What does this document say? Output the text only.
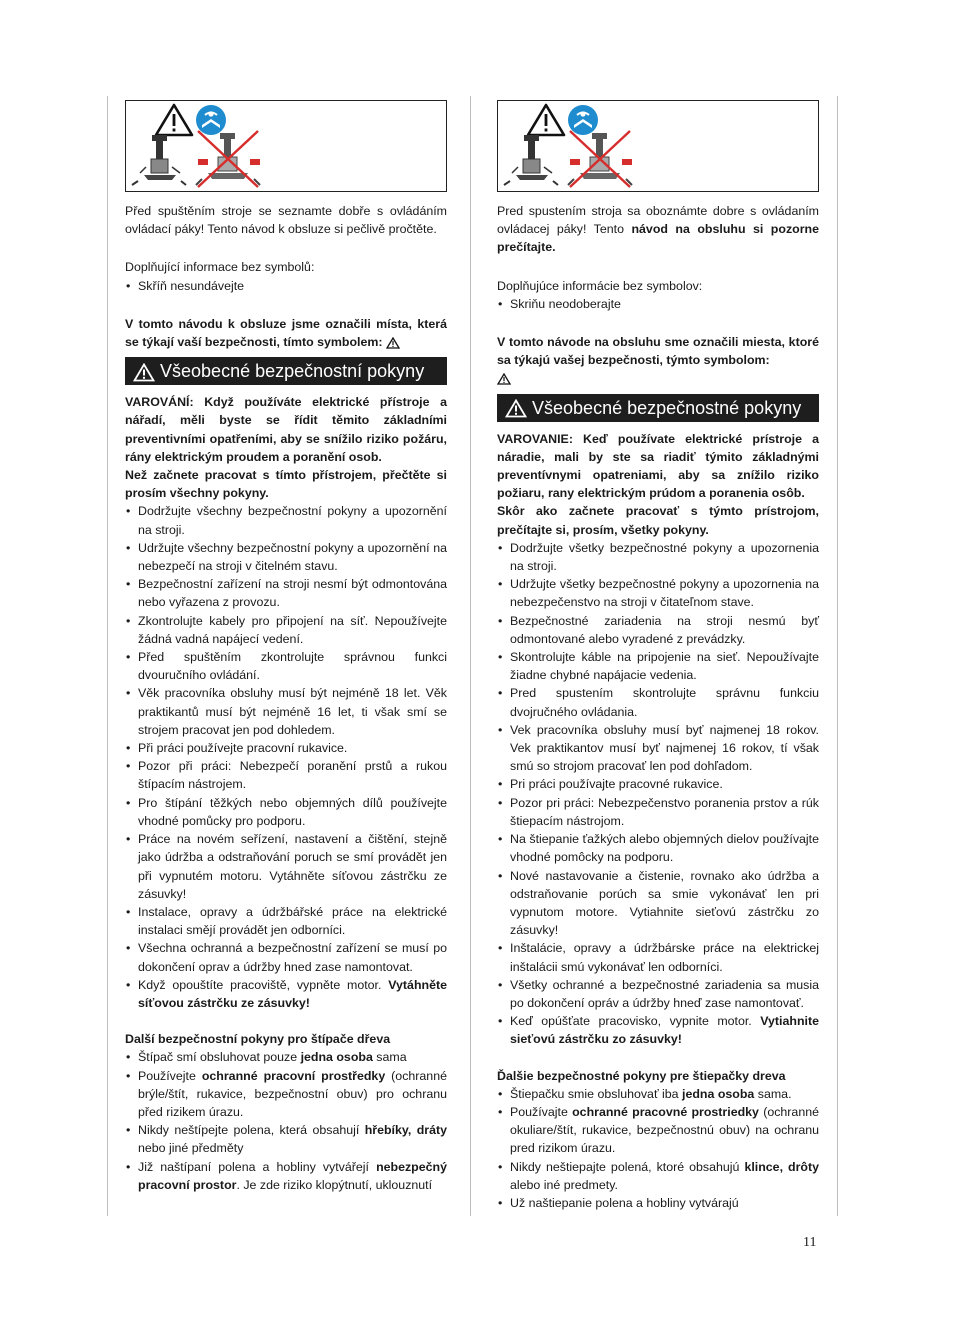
Před spuštěním stroje se seznamte dobře s ovládáním ovládací páky! Tento návod k obsluze si pečlivě pročtěte.

Doplňující informace bez symbolů:

• Skříň nesundávejte

V tomto návodu k obsluze jsme označili místa, která se týkají vaší bezpečnosti, tímto symbolem:

Všeobecné bezpečnostní pokyny

VAROVÁNÍ: Když používáte elektrické přístroje a nářadí, měli byste se řídit těmito základními preventivními opatřeními, aby se snížilo riziko požáru, rány elektrickým proudem a poranění osob.

Než začnete pracovat s tímto přístrojem, přečtěte si prosím všechny pokyny.

• Dodržujte všechny bezpečnostní pokyny a upozornění na stroji.
• Udržujte všechny bezpečnostní pokyny a upozornění na nebezpečí na stroji v čitelném stavu.
• Bezpečnostní zařízení na stroji nesmí být odmontována nebo vyřazena z provozu.
• Zkontrolujte kabely pro připojení na síť. Nepoužívejte žádná vadná napájecí vedení.
• Před spuštěním zkontrolujte správnou funkci dvouručního ovládání.
• Věk pracovníka obsluhy musí být nejméně 18 let. Věk praktikantů musí být nejméně 16 let, ti však smí se strojem pracovat jen pod dohledem.
• Při práci používejte pracovní rukavice.
• Pozor při práci: Nebezpečí poranění prstů a rukou štípacím nástrojem.
• Pro štípání těžkých nebo objemných dílů používejte vhodné pomůcky pro podporu.
• Práce na novém seřízení, nastavení a čištění, stejně jako údržba a odstraňování poruch se smí provádět jen při vypnutém motoru. Vytáhněte síťovou zástrčku ze zásuvky!
• Instalace, opravy a údržbářské práce na elektrické instalaci smějí provádět jen odborníci.
• Všechna ochranná a bezpečnostní zařízení se musí po dokončení oprav a údržby hned zase namontovat.
• Když opouštíte pracoviště, vypněte motor. Vytáhněte síťovou zástrčku ze zásuvky!

Další bezpečnostní pokyny pro štípače dřeva

• Štípač smí obsluhovat pouze jedna osoba sama
• Používejte ochranné pracovní prostředky (ochranné brýle/štít, rukavice, bezpečnostní obuv) pro ochranu před rizikem úrazu.
• Nikdy neštípejte polena, která obsahují hřebíky, dráty nebo jiné předměty
• Již naštípaní polena a hobliny vytvářejí nebezpečný pracovní prostor. Je zde riziko klopýtnutí, uklouznutí

Pred spustením stroja sa oboznámte dobre s ovládaním ovládacej páky! Tento návod na obsluhu si pozorne prečítajte.

Doplňujúce informácie bez symbolov:

• Skriňu neodoberajte

V tomto návode na obsluhu sme označili miesta, ktoré sa týkajú vašej bezpečnosti, týmto symbolom:

Všeobecné bezpečnostné pokyny

VAROVANIE: Keď používate elektrické prístroje a náradie, mali by ste sa riadiť týmito základnými preventívnymi opatreniami, aby sa znížilo riziko požiaru, rany elektrickým prúdom a poranenia osôb.

Skôr ako začnete pracovať s týmto prístrojom, prečítajte si, prosím, všetky pokyny.

• Dodržujte všetky bezpečnostné pokyny a upozornenia na stroji.
• Udržujte všetky bezpečnostné pokyny a upozornenia na nebezpečenstvo na stroji v čitateľnom stave.
• Bezpečnostné zariadenia na stroji nesmú byť odmontované alebo vyradené z prevádzky.
• Skontrolujte káble na pripojenie na sieť. Nepoužívajte žiadne chybné napájacie vedenia.
• Pred spustením skontrolujte správnu funkciu dvojručného ovládania.
• Vek pracovníka obsluhy musí byť najmenej 18 rokov. Vek praktikantov musí byť najmenej 16 rokov, tí však smú so strojom pracovať len pod dohľadom.
• Pri práci používajte pracovné rukavice.
• Pozor pri práci: Nebezpečenstvo poranenia prstov a rúk štiepacím nástrojom.
• Na štiepanie ťažkých alebo objemných dielov používajte vhodné pomôcky na podporu.
• Nové nastavovanie a čistenie, rovnako ako údržba a odstraňovanie porúch sa smie vykonávať len pri vypnutom motore. Vytiahnite sieťovú zástrčku zo zásuvky!
• Inštalácie, opravy a údržbárske práce na elektrickej inštalácii smú vykonávať len odborníci.
• Všetky ochranné a bezpečnostné zariadenia sa musia po dokončení opráv a údržby hneď zase namontovať.
• Keď opúšťate pracovisko, vypnite motor. Vytiahnite sieťovú zástrčku zo zásuvky!

Ďalšie bezpečnostné pokyny pre štiepačky dreva

• Štiepačku smie obsluhovať iba jedna osoba sama.
• Používajte ochranné pracovné prostriedky (ochranné okuliare/štít, rukavice, bezpečnostnú obuv) na ochranu pred rizikom úrazu.
• Nikdy neštiepajte polená, ktoré obsahujú klince, drôty alebo iné predmety.
• Už naštiepanie polena a hobliny vytvárajú
11
